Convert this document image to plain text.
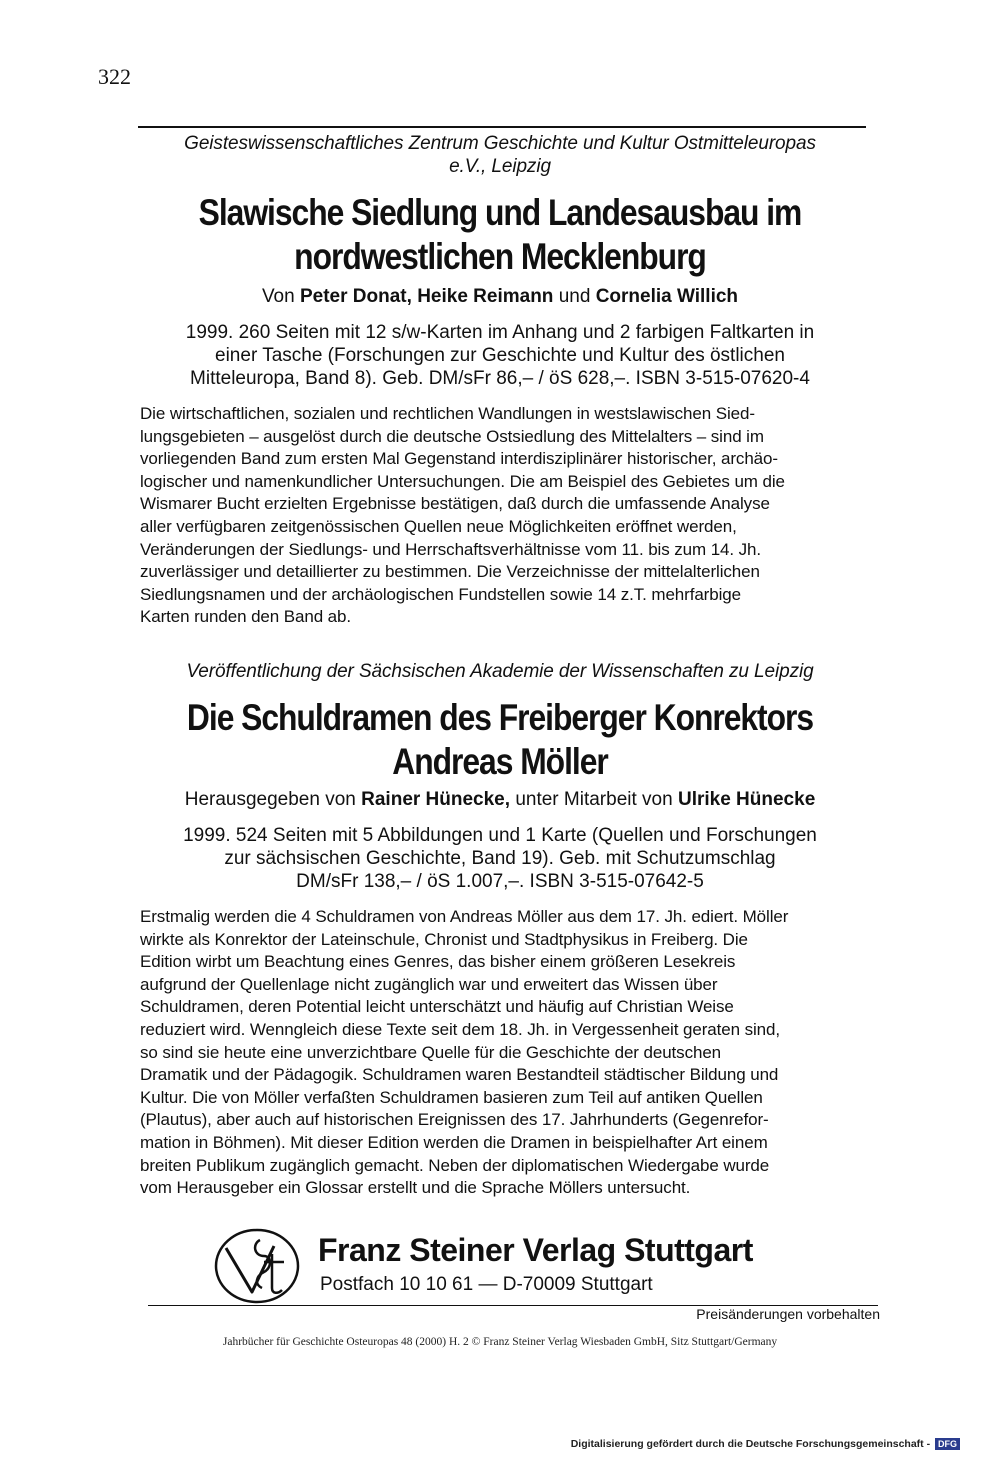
322
Geisteswissenschaftliches Zentrum Geschichte und Kultur Ostmitteleuropas
e.V., Leipzig
Slawische Siedlung und Landesausbau im
nordwestlichen Mecklenburg
Von Peter Donat, Heike Reimann und Cornelia Willich
1999. 260 Seiten mit 12 s/w-Karten im Anhang und 2 farbigen Faltkarten in
einer Tasche (Forschungen zur Geschichte und Kultur des östlichen
Mitteleuropa, Band 8). Geb. DM/sFr 86,– / öS 628,–. ISBN 3-515-07620-4
Die wirtschaftlichen, sozialen und rechtlichen Wandlungen in westslawischen Sied-
lungsgebieten – ausgelöst durch die deutsche Ostsiedlung des Mittelalters – sind im
vorliegenden Band zum ersten Mal Gegenstand interdisziplinärer historischer, archäo-
logischer und namenkundlicher Untersuchungen. Die am Beispiel des Gebietes um die
Wismarer Bucht erzielten Ergebnisse bestätigen, daß durch die umfassende Analyse
aller verfügbaren zeitgenössischen Quellen neue Möglichkeiten eröffnet werden,
Veränderungen der Siedlungs- und Herrschaftsverhältnisse vom 11. bis zum 14. Jh.
zuverlässiger und detaillierter zu bestimmen. Die Verzeichnisse der mittelalterlichen
Siedlungsnamen und der archäologischen Fundstellen sowie 14 z.T. mehrfarbige
Karten runden den Band ab.
Veröffentlichung der Sächsischen Akademie der Wissenschaften zu Leipzig
Die Schuldramen des Freiberger Konrektors
Andreas Möller
Herausgegeben von Rainer Hünecke, unter Mitarbeit von Ulrike Hünecke
1999. 524 Seiten mit 5 Abbildungen und 1 Karte (Quellen und Forschungen
zur sächsischen Geschichte, Band 19). Geb. mit Schutzumschlag
DM/sFr 138,– / öS 1.007,–. ISBN 3-515-07642-5
Erstmalig werden die 4 Schuldramen von Andreas Möller aus dem 17. Jh. ediert. Möller
wirkte als Konrektor der Lateinschule, Chronist und Stadtphysikus in Freiberg. Die
Edition wirbt um Beachtung eines Genres, das bisher einem größeren Lesekreis
aufgrund der Quellenlage nicht zugänglich war und erweitert das Wissen über
Schuldramen, deren Potential leicht unterschätzt und häufig auf Christian Weise
reduziert wird. Wenngleich diese Texte seit dem 18. Jh. in Vergessenheit geraten sind,
so sind sie heute eine unverzichtbare Quelle für die Geschichte der deutschen
Dramatik und der Pädagogik. Schuldramen waren Bestandteil städtischer Bildung und
Kultur. Die von Möller verfaßten Schuldramen basieren zum Teil auf antiken Quellen
(Plautus), aber auch auf historischen Ereignissen des 17. Jahrhunderts (Gegenrefor-
mation in Böhmen). Mit dieser Edition werden die Dramen in beispielhafter Art einem
breiten Publikum zugänglich gemacht. Neben der diplomatischen Wiedergabe wurde
vom Herausgeber ein Glossar erstellt und die Sprache Möllers untersucht.
Franz Steiner Verlag Stuttgart
Postfach 10 10 61 — D-70009 Stuttgart
Preisänderungen vorbehalten
Jahrbücher für Geschichte Osteuropas 48 (2000) H. 2 © Franz Steiner Verlag Wiesbaden GmbH, Sitz Stuttgart/Germany
Digitalisierung gefördert durch die Deutsche Forschungsgemeinschaft - DFG
